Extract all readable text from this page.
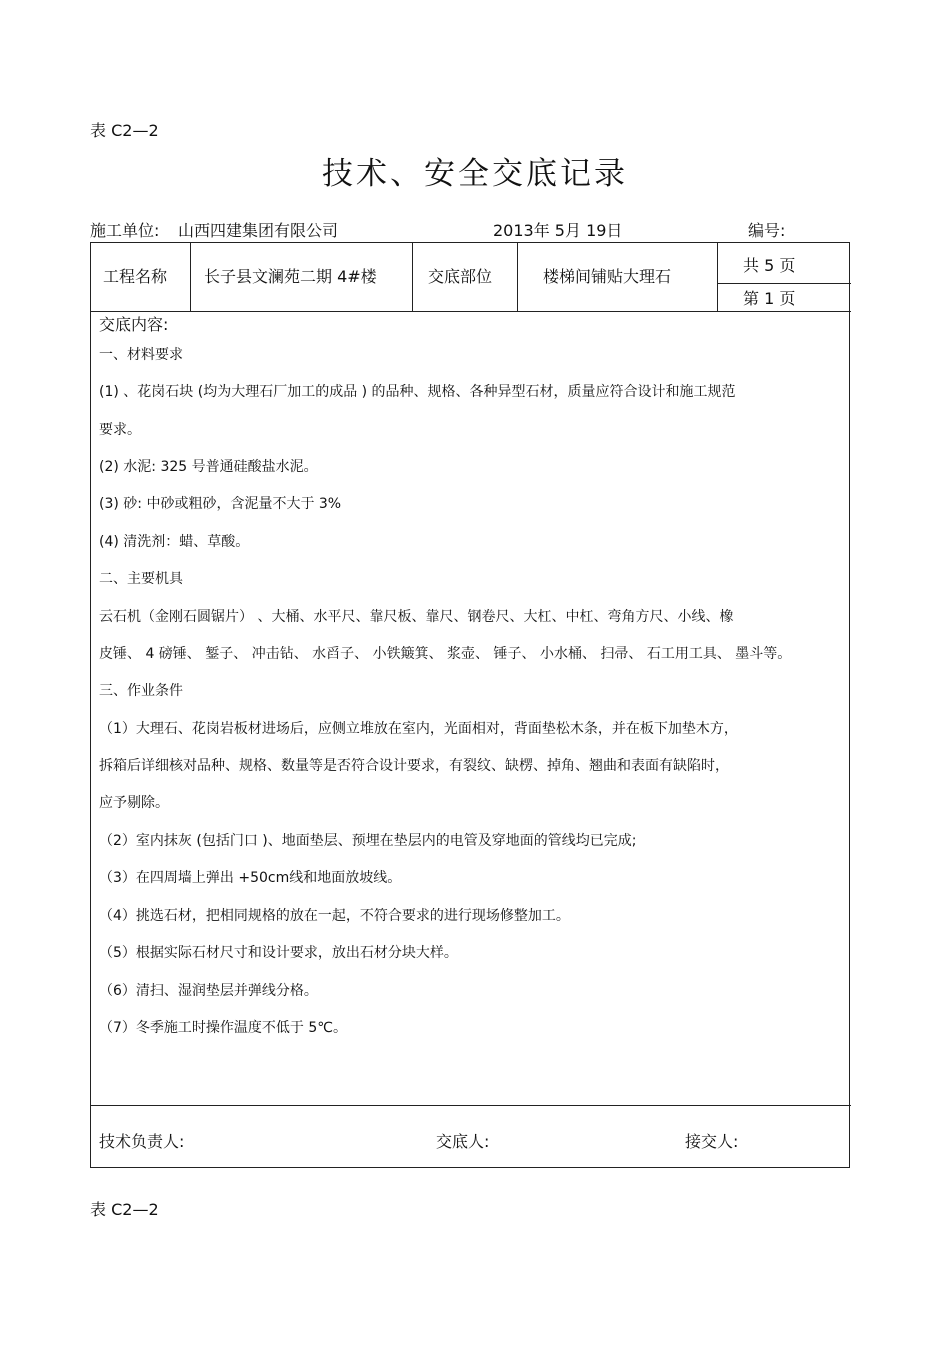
表 C2—2
技术、安全交底记录
施工单位: 山西四建集团有限公司	2013年 5月 19日	编号:
工程名称 长子县文澜苑二期 4#楼	交底部位	楼梯间铺贴大理石
共 5 页
第 1 页
交底内容:
一、材料要求
(1) 、花岗石块 (均为大理石厂加工的成品 ) 的品种、规格、各种异型石材，质量应符合设计和施工规范
要求。
(2) 水泥: 325 号普通硅酸盐水泥。
(3) 砂: 中砂或粗砂，含泥量不大于 3%
(4) 清洗剂：蜡、草酸。
二、主要机具
云石机（金刚石圆锯片） 、大桶、水平尺、靠尺板、靠尺、钢卷尺、大杠、中杠、弯角方尺、小线、橡
皮锤、 4 磅锤、 錾子、 冲击钻、 水舀子、 小铁簸箕、 浆壶、 锤子、 小水桶、 扫帚、 石工用工具、 墨斗等。
三、作业条件
（1）大理石、花岗岩板材进场后，应侧立堆放在室内，光面相对，背面垫松木条，并在板下加垫木方，
拆箱后详细核对品种、规格、数量等是否符合设计要求，有裂纹、缺楞、掉角、翘曲和表面有缺陷时，
应予剔除。
（2）室内抹灰 (包括门口 )、地面垫层、预埋在垫层内的电管及穿地面的管线均已完成;
（3）在四周墙上弹出 +50cm线和地面放坡线。
（4）挑选石材，把相同规格的放在一起，不符合要求的进行现场修整加工。
（5）根据实际石材尺寸和设计要求，放出石材分块大样。
（6）清扫、湿润垫层并弹线分格。
（7）冬季施工时操作温度不低于 5℃。
技术负责人:	交底人:	接交人:
表 C2—2
